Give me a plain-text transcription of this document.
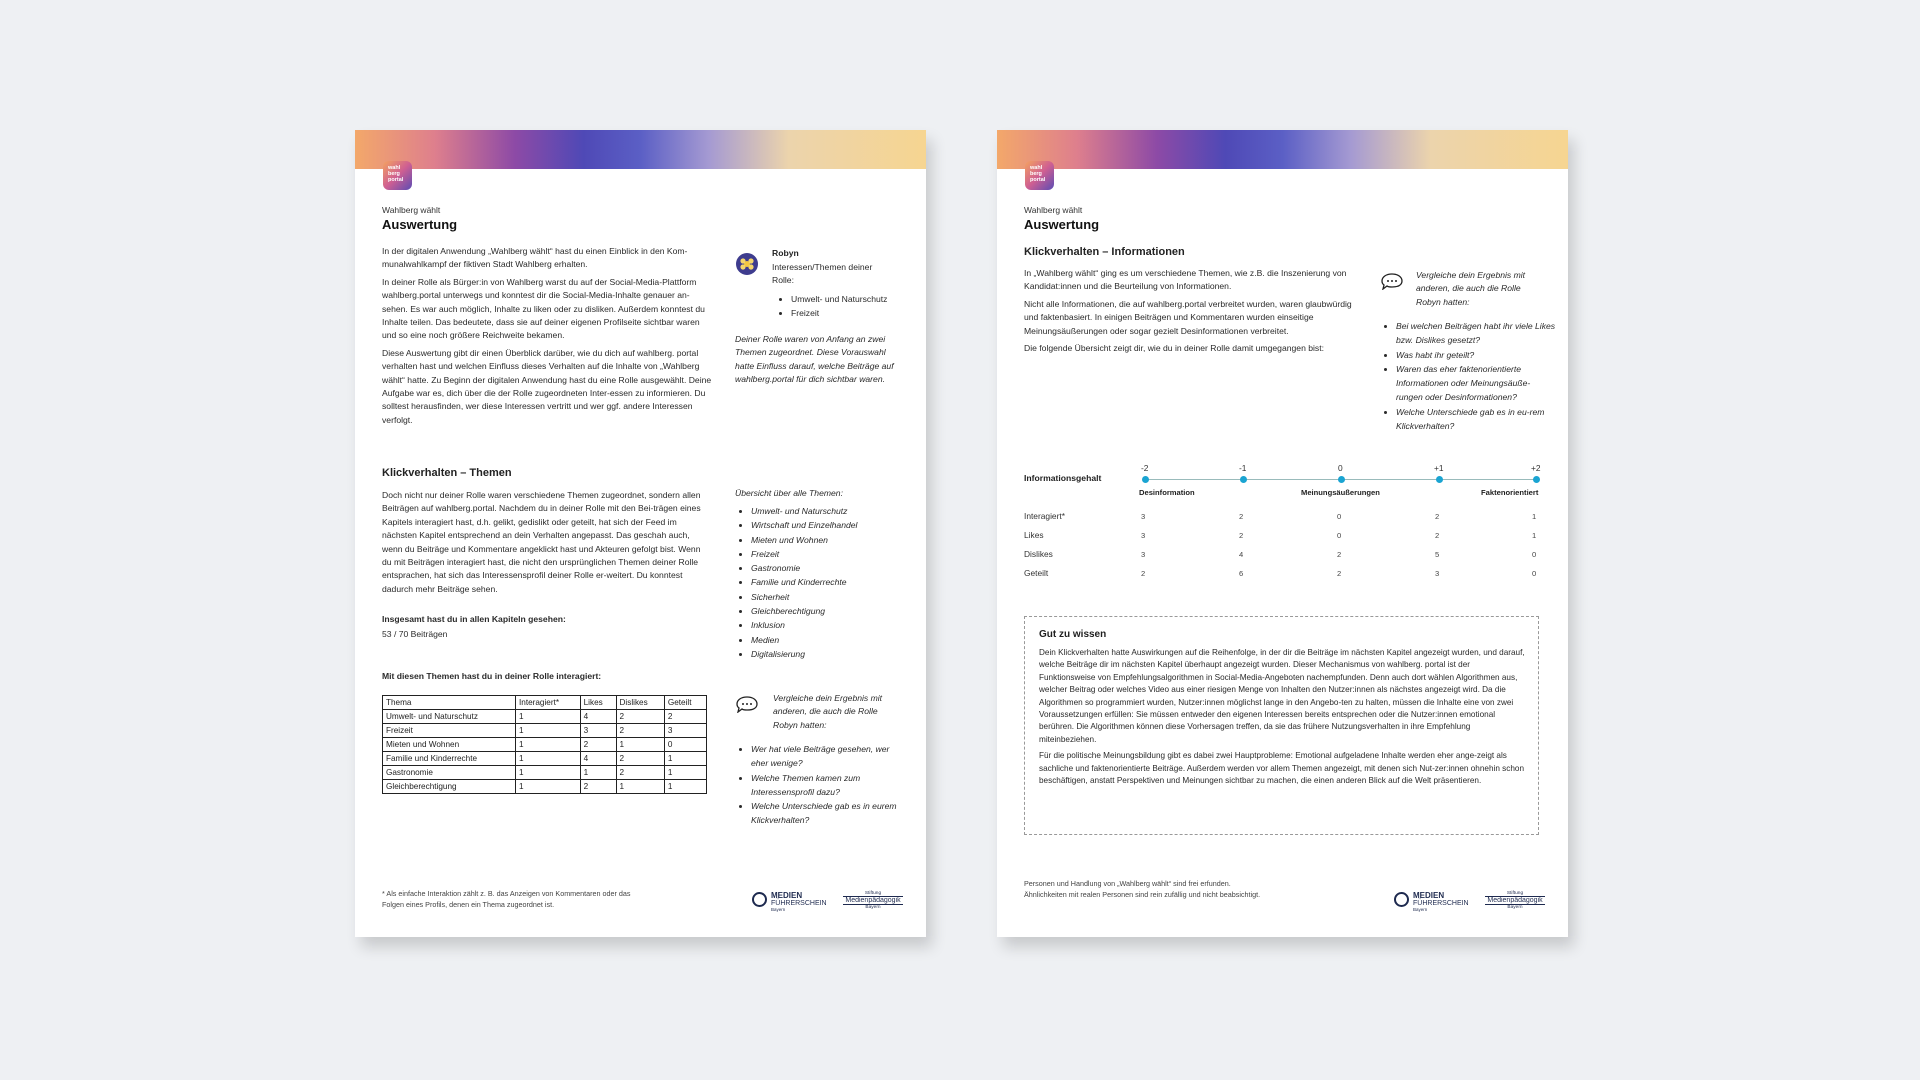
wahl
berg
portal
Wahlberg wählt
Auswertung

In der digitalen Anwendung „Wahlberg wählt“ hast du einen Einblick in den Kom-munalwahlkampf der fiktiven Stadt Wahlberg erhalten.

In deiner Rolle als Bürger:in von Wahlberg warst du auf der Social-Media-Plattform wahlberg.portal unterwegs und konntest dir die Social-Media-Inhalte genauer an-sehen. Es war auch möglich, Inhalte zu liken oder zu disliken. Außerdem konntest du Inhalte teilen. Das bedeutete, dass sie auf deiner eigenen Profilseite sichtbar waren und so eine noch größere Reichweite bekamen.

Diese Auswertung gibt dir einen Überblick darüber, wie du dich auf wahlberg. portal verhalten hast und welchen Einfluss dieses Verhalten auf die Inhalte von „Wahlberg wählt“ hatte. Zu Beginn der digitalen Anwendung hast du eine Rolle ausgewählt. Deine Aufgabe war es, dich über die der Rolle zugeordneten Inter-essen zu informieren. Du solltest herausfinden, wer diese Interessen vertritt und wer ggf. andere Interessen verfolgt.

Robyn
Interessen/Themen deiner Rolle:
• Umwelt- und Naturschutz
• Freizeit
Deiner Rolle waren von Anfang an zwei Themen zugeordnet. Diese Vorauswahl hatte Einfluss darauf, welche Beiträge auf wahlberg.portal für dich sichtbar waren.
Klickverhalten – Themen
Doch nicht nur deiner Rolle waren verschiedene Themen zugeordnet, sondern allen Beiträgen auf wahlberg.portal. Nachdem du in deiner Rolle mit den Bei-trägen eines Kapitels interagiert hast, d.h. gelikt, gedislikt oder geteilt, hat sich der Feed im nächsten Kapitel entsprechend an dein Verhalten angepasst. Das geschah auch, wenn du Beiträge und Kommentare angeklickt hast und Akteuren gefolgt bist. Wenn du mit Beiträgen interagiert hast, die nicht den ursprünglichen Themen deiner Rolle entsprachen, hat sich das Interessensprofil deiner Rolle er-weitert. Du konntest dadurch mehr Beiträge sehen.
Insgesamt hast du in allen Kapiteln gesehen:
53 / 70 Beiträgen
Mit diesen Themen hast du in deiner Rolle interagiert:
Thema	Interagiert*	Likes	Dislikes	Geteilt
Umwelt- und Naturschutz	1	4	2	2
Freizeit	1	3	2	3
Mieten und Wohnen	1	2	1	0
Familie und Kinderrechte	1	4	2	1
Gastronomie	1	1	2	1
Gleichberechtigung	1	2	1	1
Übersicht über alle Themen:
• Umwelt- und Naturschutz
• Wirtschaft und Einzelhandel
• Mieten und Wohnen
• Freizeit
• Gastronomie
• Familie und Kinderrechte
• Sicherheit
• Gleichberechtigung
• Inklusion
• Medien
• Digitalisierung
Vergleiche dein Ergebnis mit anderen, die auch die Rolle Robyn hatten:
• Wer hat viele Beiträge gesehen, wer eher wenige?
• Welche Themen kamen zum Interessensprofil dazu?
• Welche Unterschiede gab es in eurem Klickverhalten?
* Als einfache Interaktion zählt z. B. das Anzeigen von Kommentaren oder das Folgen eines Profils, denen ein Thema zugeordnet ist.
MEDIEN
FÜHRERSCHEIN
Bayern
Stiftung
Medienpädagogik
Bayern
wahl
berg
portal
Wahlberg wählt
Auswertung
Klickverhalten – Informationen

In „Wahlberg wählt“ ging es um verschiedene Themen, wie z.B. die Inszenierung von Kandidat:innen und die Beurteilung von Informationen.

Nicht alle Informationen, die auf wahlberg.portal verbreitet wurden, waren glaubwürdig und faktenbasiert. In einigen Beiträgen und Kommentaren wurden einseitige Meinungsäußerungen oder sogar gezielt Desinformationen verbreitet.

Die folgende Übersicht zeigt dir, wie du in deiner Rolle damit umgegangen bist:

Vergleiche dein Ergebnis mit anderen, die auch die Rolle Robyn hatten:
• Bei welchen Beiträgen habt ihr viele Likes bzw. Dislikes gesetzt?
• Was habt ihr geteilt?
• Waren das eher faktenorientierte Informationen oder Meinungsäuße-rungen oder Desinformationen?
• Welche Unterschiede gab es in eu-rem Klickverhalten?
Informationsgehalt
-2	-1	0	+1	+2
Desinformation	Meinungsäußerungen	Faktenorientiert
Interagiert*	3	2	0	2	1
Likes	3	2	0	2	1
Dislikes	3	4	2	5	0
Geteilt	2	6	2	3	0
Gut zu wissen

Dein Klickverhalten hatte Auswirkungen auf die Reihenfolge, in der dir die Beiträge im nächsten Kapitel angezeigt wurden, und darauf, welche Beiträge dir im nächsten Kapitel überhaupt angezeigt wurden. Dieser Mechanismus von wahlberg. portal ist der Funktionsweise von Empfehlungsalgorithmen in Social-Media-Angeboten nachempfunden. Denn auch dort wählen Algorithmen aus, welcher Beitrag oder welches Video aus einer riesigen Menge von Inhalten den Nutzer:innen als nächstes angezeigt wird. Da die Algorithmen so programmiert wurden, Nutzer:innen möglichst lange in den Angebo-ten zu halten, müssen die Inhalte eine von zwei Voraussetzungen erfüllen: Sie müssen entweder den eigenen Interessen bereits entsprechen oder die Nutzer:innen emotional berühren. Die Algorithmen können diese Vorhersagen treffen, da sie das frühere Nutzungsverhalten in ihre Empfehlung miteinbeziehen.

Für die politische Meinungsbildung gibt es dabei zwei Hauptprobleme: Emotional aufgeladene Inhalte werden eher ange-zeigt als sachliche und faktenorientierte Beiträge. Außerdem werden vor allem Themen angezeigt, mit denen sich Nut-zer:innen ohnehin schon beschäftigen, anstatt Perspektiven und Meinungen sichtbar zu machen, die einen anderen Blick auf die Welt präsentieren.

Personen und Handlung von „Wahlberg wählt“ sind frei erfunden. Ähnlichkeiten mit realen Personen sind rein zufällig und nicht beabsichtigt.	MEDIEN
FÜHRERSCHEIN
Bayern
Stiftung
Medienpädagogik
Bayern
